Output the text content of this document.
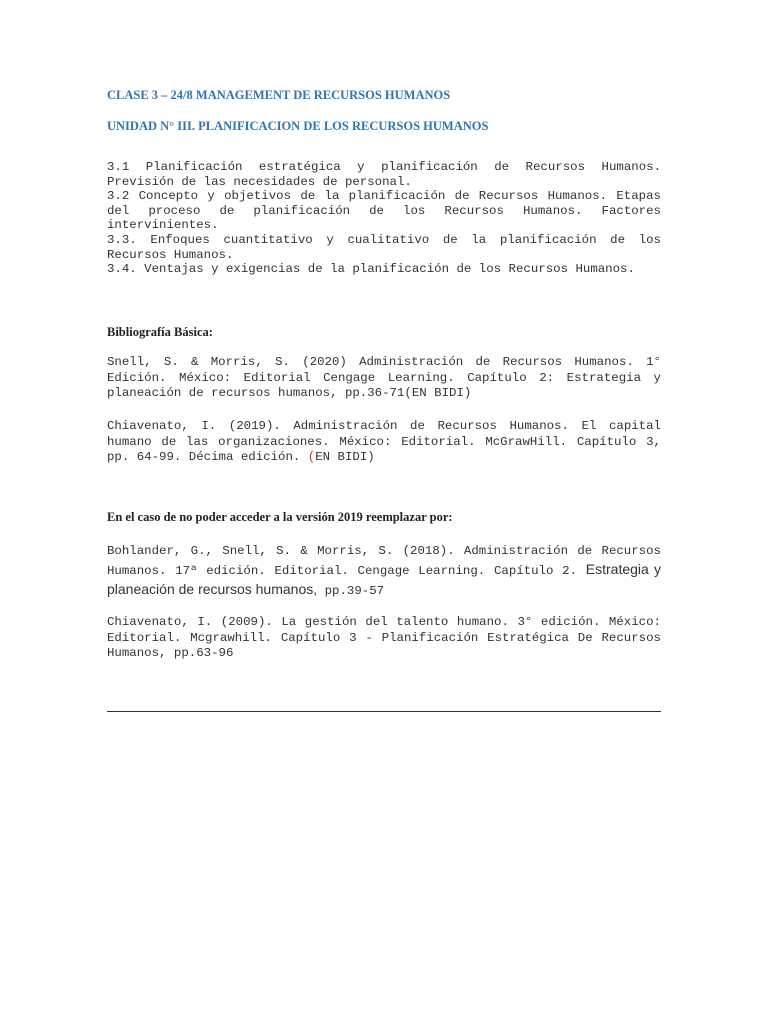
CLASE 3 – 24/8 MANAGEMENT DE RECURSOS HUMANOS
UNIDAD N° III. PLANIFICACION DE LOS RECURSOS HUMANOS

3.1 Planificación estratégica y planificación de Recursos Humanos. Previsión de las necesidades de personal.

3.2 Concepto y objetivos de la planificación de Recursos Humanos. Etapas del proceso de planificación de los Recursos Humanos. Factores intervinientes.

3.3. Enfoques cuantitativo y cualitativo de la planificación de los Recursos Humanos.

3.4. Ventajas y exigencias de la planificación de los Recursos Humanos.

Bibliografía Básica:

Snell, S. & Morris, S. (2020) Administración de Recursos Humanos. 1° Edición. México: Editorial Cengage Learning. Capítulo 2: Estrategia y planeación de recursos humanos, pp.36-71(EN BIDI)

Chiavenato, I. (2019). Administración de Recursos Humanos. El capital humano de las organizaciones. México: Editorial. McGrawHill. Capítulo 3, pp. 64-99. Décima edición. (EN BIDI)

En el caso de no poder acceder a la versión 2019 reemplazar por:

Bohlander, G., Snell, S. & Morris, S. (2018). Administración de Recursos Humanos. 17ª edición. Editorial. Cengage Learning. Capítulo 2. Estrategia y planeación de recursos humanos, pp.39-57

Chiavenato, I. (2009). La gestión del talento humano. 3° edición. México: Editorial. Mcgrawhill. Capítulo 3 - Planificación Estratégica De Recursos Humanos, pp.63-96
